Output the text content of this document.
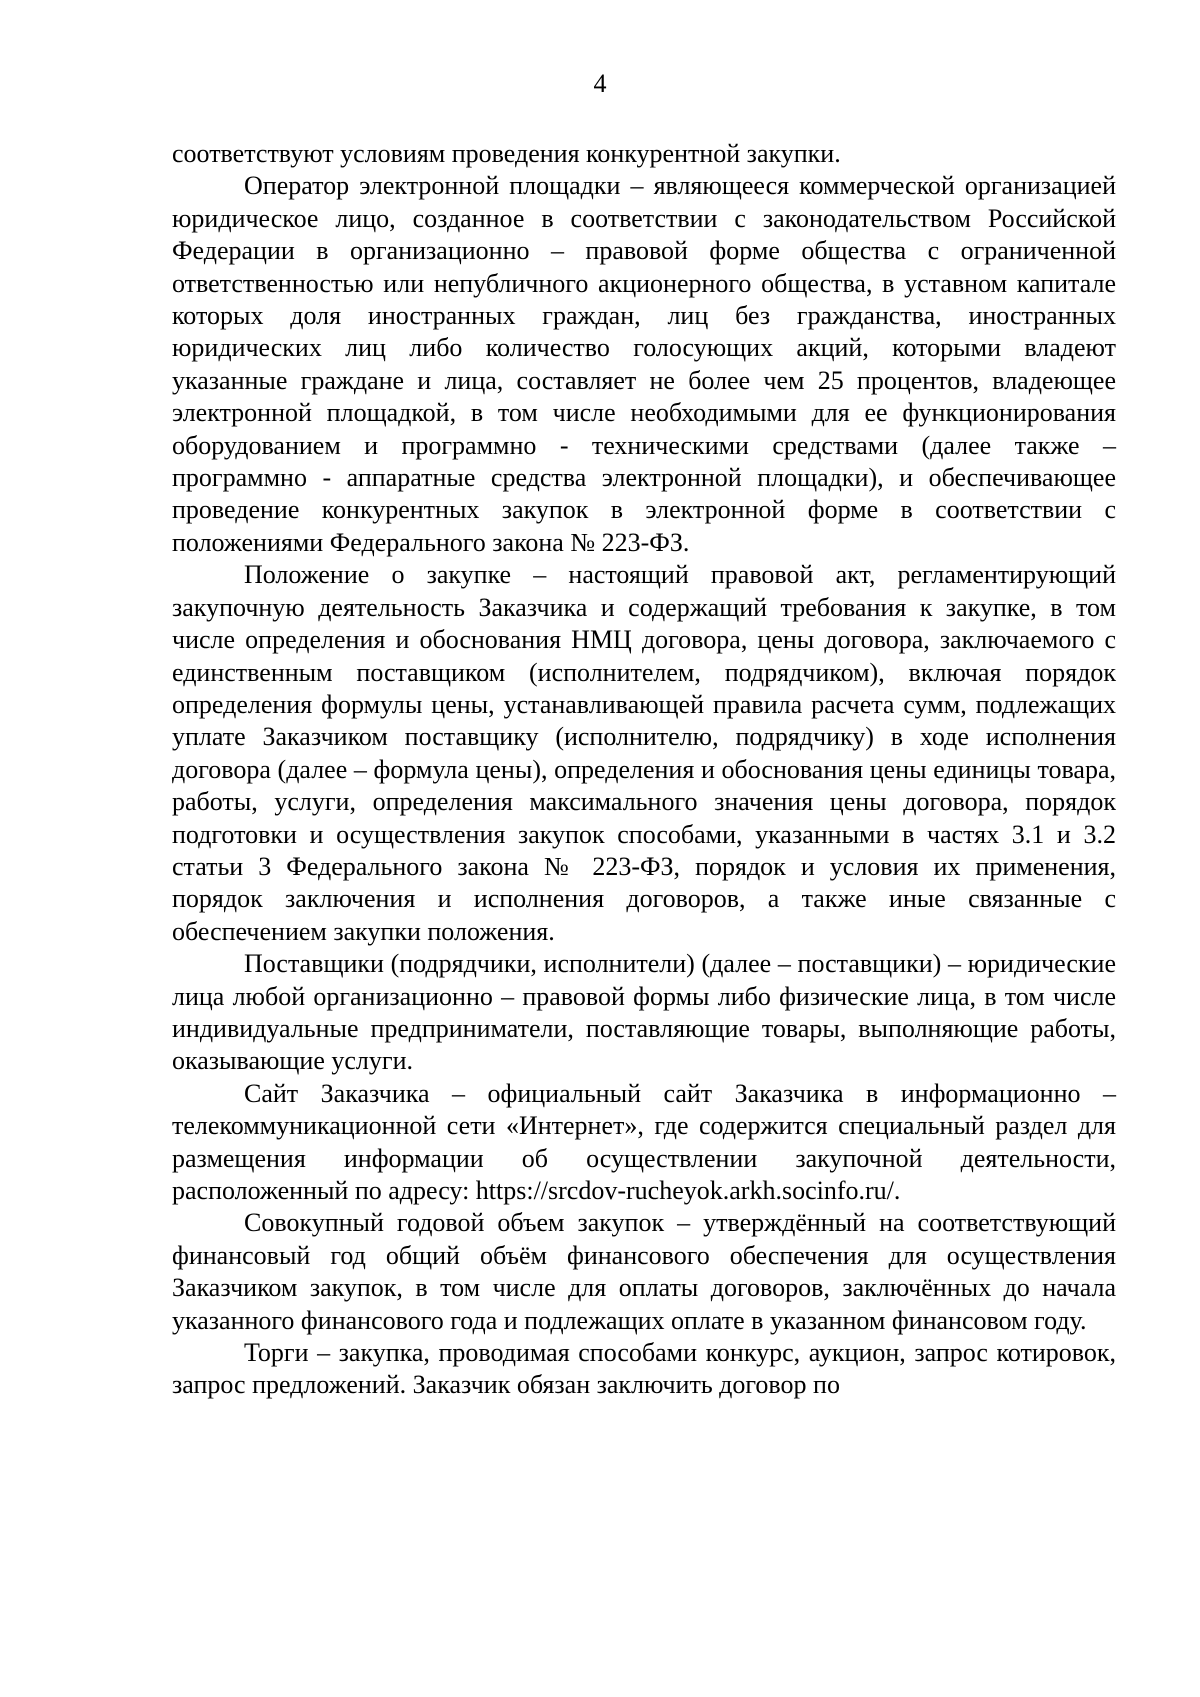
4

соответствуют условиям проведения конкурентной закупки.

Оператор электронной площадки – являющееся коммерческой организацией юридическое лицо, созданное в соответствии с законодательством Российской Федерации в организационно – правовой форме общества с ограниченной ответственностью или непубличного акционерного общества, в уставном капитале которых доля иностранных граждан, лиц без гражданства, иностранных юридических лиц либо количество голосующих акций, которыми владеют указанные граждане и лица, составляет не более чем 25 процентов, владеющее электронной площадкой, в том числе необходимыми для ее функционирования оборудованием и программно - техническими средствами (далее также – программно - аппаратные средства электронной площадки), и обеспечивающее проведение конкурентных закупок в электронной форме в соответствии с положениями Федерального закона № 223-ФЗ.

Положение о закупке – настоящий правовой акт, регламентирующий закупочную деятельность Заказчика и содержащий требования к закупке, в том числе определения и обоснования НМЦ договора, цены договора, заключаемого с единственным поставщиком (исполнителем, подрядчиком), включая порядок определения формулы цены, устанавливающей правила расчета сумм, подлежащих уплате Заказчиком поставщику (исполнителю, подрядчику) в ходе исполнения договора (далее – формула цены), определения и обоснования цены единицы товара, работы, услуги, определения максимального значения цены договора, порядок подготовки и осуществления закупок способами, указанными в частях 3.1 и 3.2 статьи 3 Федерального закона № 223-ФЗ, порядок и условия их применения, порядок заключения и исполнения договоров, а также иные связанные с обеспечением закупки положения.

Поставщики (подрядчики, исполнители) (далее – поставщики) – юридические лица любой организационно – правовой формы либо физические лица, в том числе индивидуальные предприниматели, поставляющие товары, выполняющие работы, оказывающие услуги.

Сайт Заказчика – официальный сайт Заказчика в информационно – телекоммуникационной сети «Интернет», где содержится специальный раздел для размещения информации об осуществлении закупочной деятельности, расположенный по адресу: https://srcdov-rucheyok.arkh.socinfo.ru/.

Совокупный годовой объем закупок – утверждённый на соответствующий финансовый год общий объём финансового обеспечения для осуществления Заказчиком закупок, в том числе для оплаты договоров, заключённых до начала указанного финансового года и подлежащих оплате в указанном финансовом году.

Торги – закупка, проводимая способами конкурс, аукцион, запрос котировок, запрос предложений. Заказчик обязан заключить договор по
